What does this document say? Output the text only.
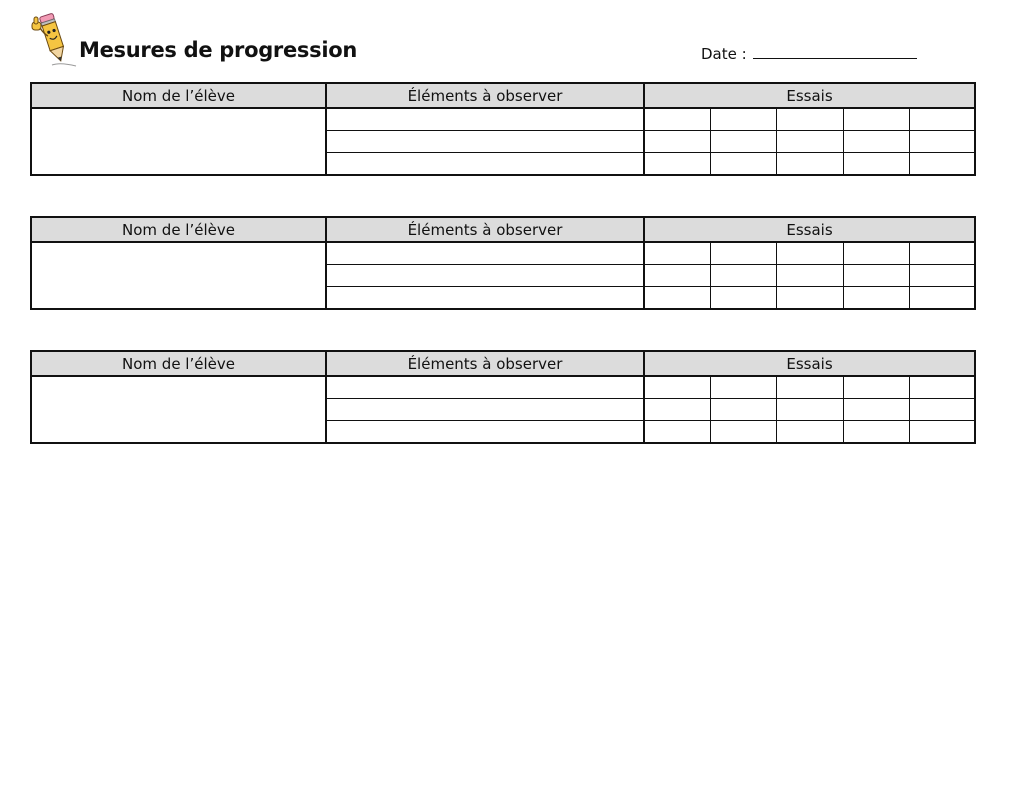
Mesures de progression	Date :
Nom de l’élève	Éléments à observer	Essais				

Nom de l’élève	Éléments à observer	Essais				

Nom de l’élève	Éléments à observer	Essais				
